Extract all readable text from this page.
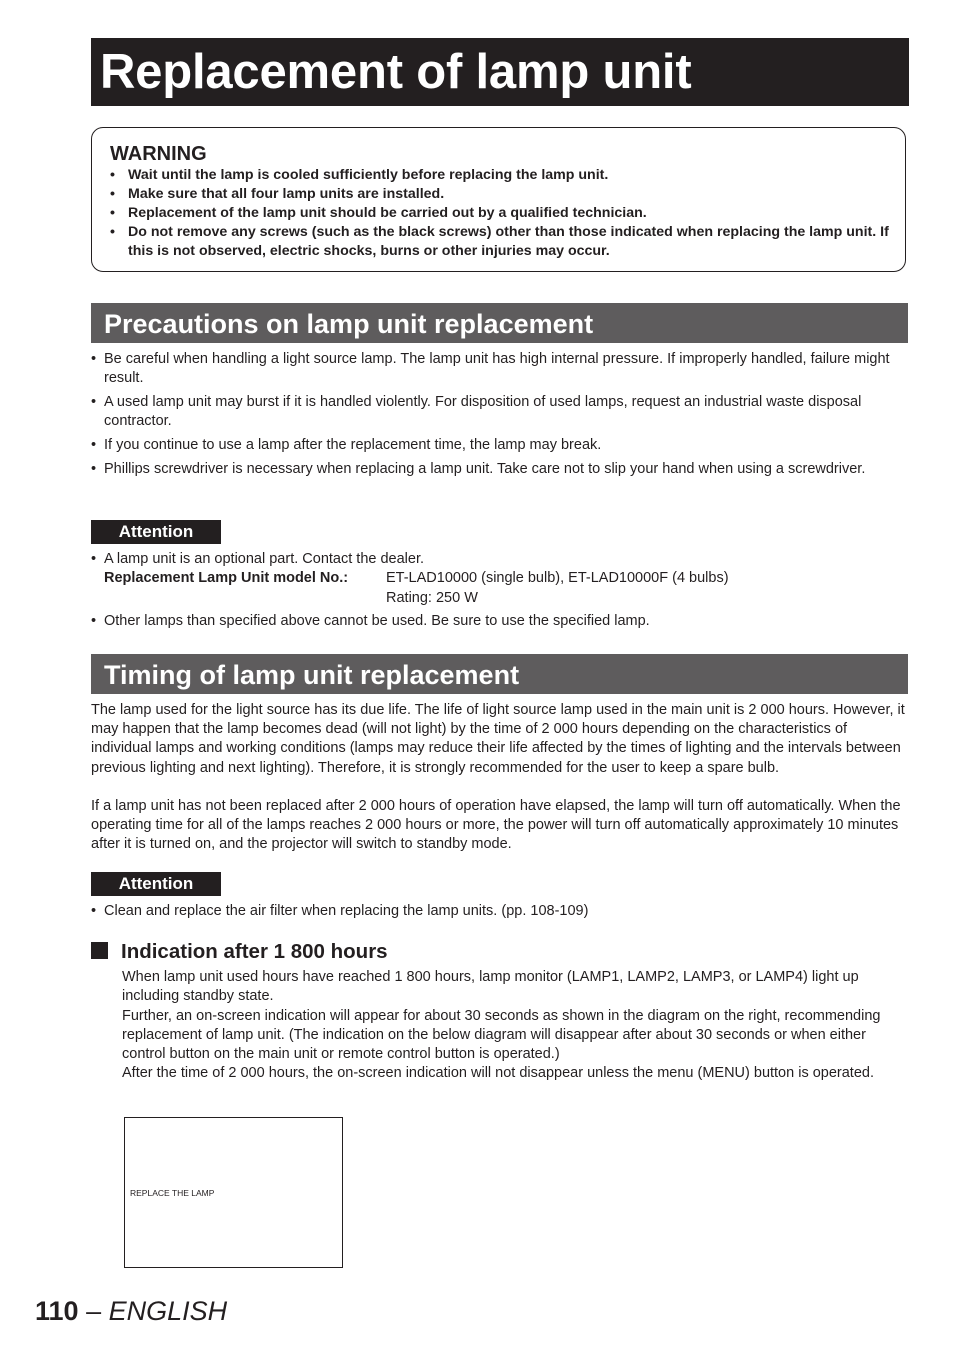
Replacement of lamp unit
WARNING
• Wait until the lamp is cooled sufficiently before replacing the lamp unit.
• Make sure that all four lamp units are installed.
• Replacement of the lamp unit should be carried out by a qualified technician.
• Do not remove any screws (such as the black screws) other than those indicated when replacing the lamp unit. If this is not observed, electric shocks, burns or other injuries may occur.
Precautions on lamp unit replacement
• Be careful when handling a light source lamp. The lamp unit has high internal pressure. If improperly handled, failure might result.
• A used lamp unit may burst if it is handled violently. For disposition of used lamps, request an industrial waste disposal contractor.
• If you continue to use a lamp after the replacement time, the lamp may break.
• Phillips screwdriver is necessary when replacing a lamp unit. Take care not to slip your hand when using a screwdriver.
Attention
• A lamp unit is an optional part. Contact the dealer.
Replacement Lamp Unit model No.:	ET-LAD10000 (single bulb), ET-LAD10000F (4 bulbs)
Rating: 250 W
• Other lamps than specified above cannot be used. Be sure to use the specified lamp.
Timing of lamp unit replacement

The lamp used for the light source has its due life. The life of light source lamp used in the main unit is 2 000 hours. However, it may happen that the lamp becomes dead (will not light) by the time of 2 000 hours depending on the characteristics of individual lamps and working conditions (lamps may reduce their life affected by the times of lighting and the intervals between previous lighting and next lighting). Therefore, it is strongly recommended for the user to keep a spare bulb.

If a lamp unit has not been replaced after 2 000 hours of operation have elapsed, the lamp will turn off automatically. When the operating time for all of the lamps reaches 2 000 hours or more, the power will turn off automatically approximately 10 minutes after it is turned on, and the projector will switch to standby mode.

Attention
• Clean and replace the air filter when replacing the lamp units. (pp. 108-109)
Indication after 1 800 hours

When lamp unit used hours have reached 1 800 hours, lamp monitor (LAMP1, LAMP2, LAMP3, or LAMP4) light up including standby state.

Further, an on-screen indication will appear for about 30 seconds as shown in the diagram on the right, recommending replacement of lamp unit. (The indication on the below diagram will disappear after about 30 seconds or when either control button on the main unit or remote control button is operated.)

After the time of 2 000 hours, the on-screen indication will not disappear unless the menu (MENU) button is operated.

REPLACE THE LAMP
110 – ENGLISH
